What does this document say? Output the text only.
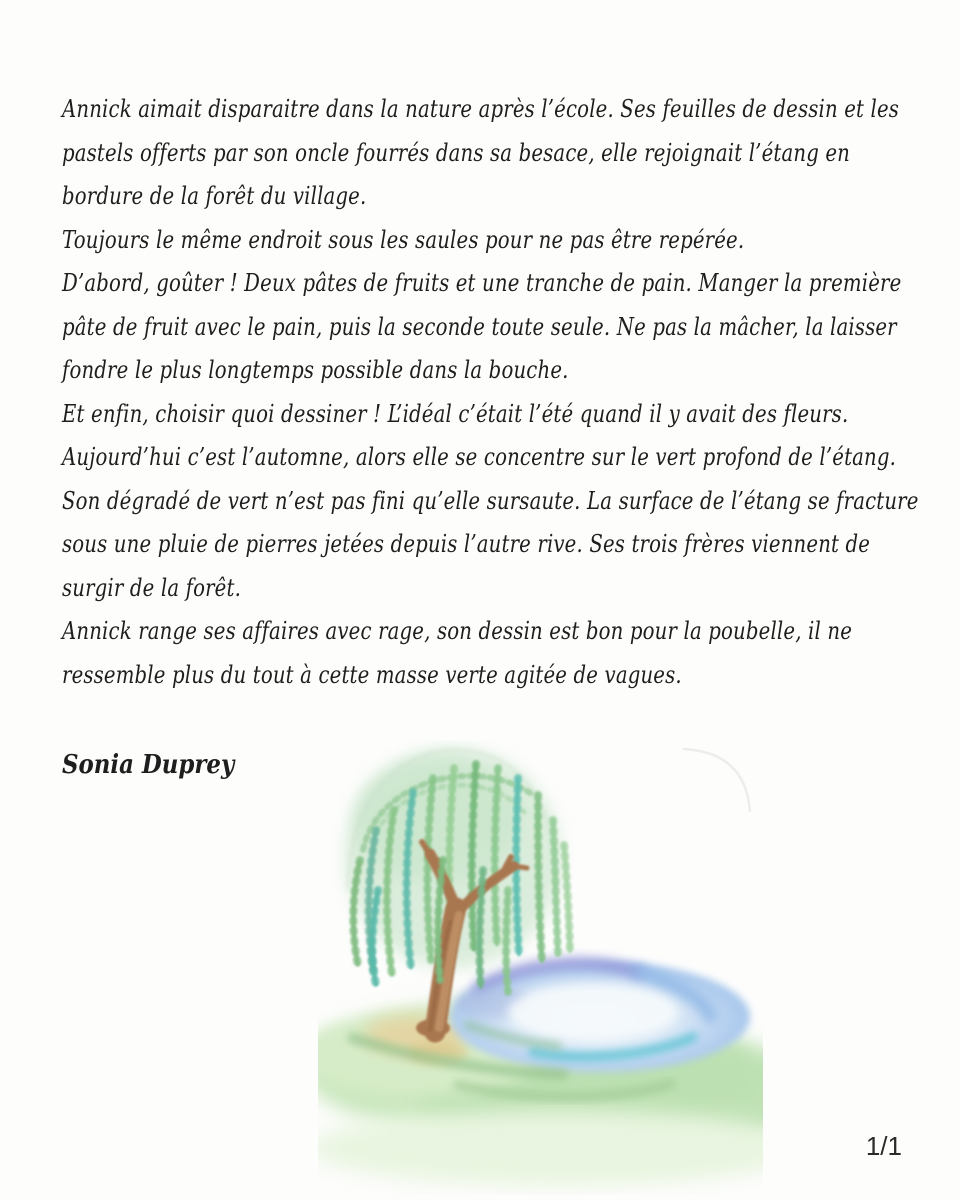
Annick aimait disparaitre dans la nature après l’école. Ses feuilles de dessin et les
pastels offerts par son oncle fourrés dans sa besace, elle rejoignait l’étang en
bordure de la forêt du village.
Toujours le même endroit sous les saules pour ne pas être repérée.
D’abord, goûter ! Deux pâtes de fruits et une tranche de pain. Manger la première
pâte de fruit avec le pain, puis la seconde toute seule. Ne pas la mâcher, la laisser
fondre le plus longtemps possible dans la bouche.
Et enfin, choisir quoi dessiner ! L’idéal c’était l’été quand il y avait des fleurs.
Aujourd’hui c’est l’automne, alors elle se concentre sur le vert profond de l’étang.
Son dégradé de vert n’est pas fini qu’elle sursaute. La surface de l’étang se fracture
sous une pluie de pierres jetées depuis l’autre rive. Ses trois frères viennent de
surgir de la forêt.
Annick range ses affaires avec rage, son dessin est bon pour la poubelle, il ne
ressemble plus du tout à cette masse verte agitée de vagues.
Sonia Duprey
1/1
